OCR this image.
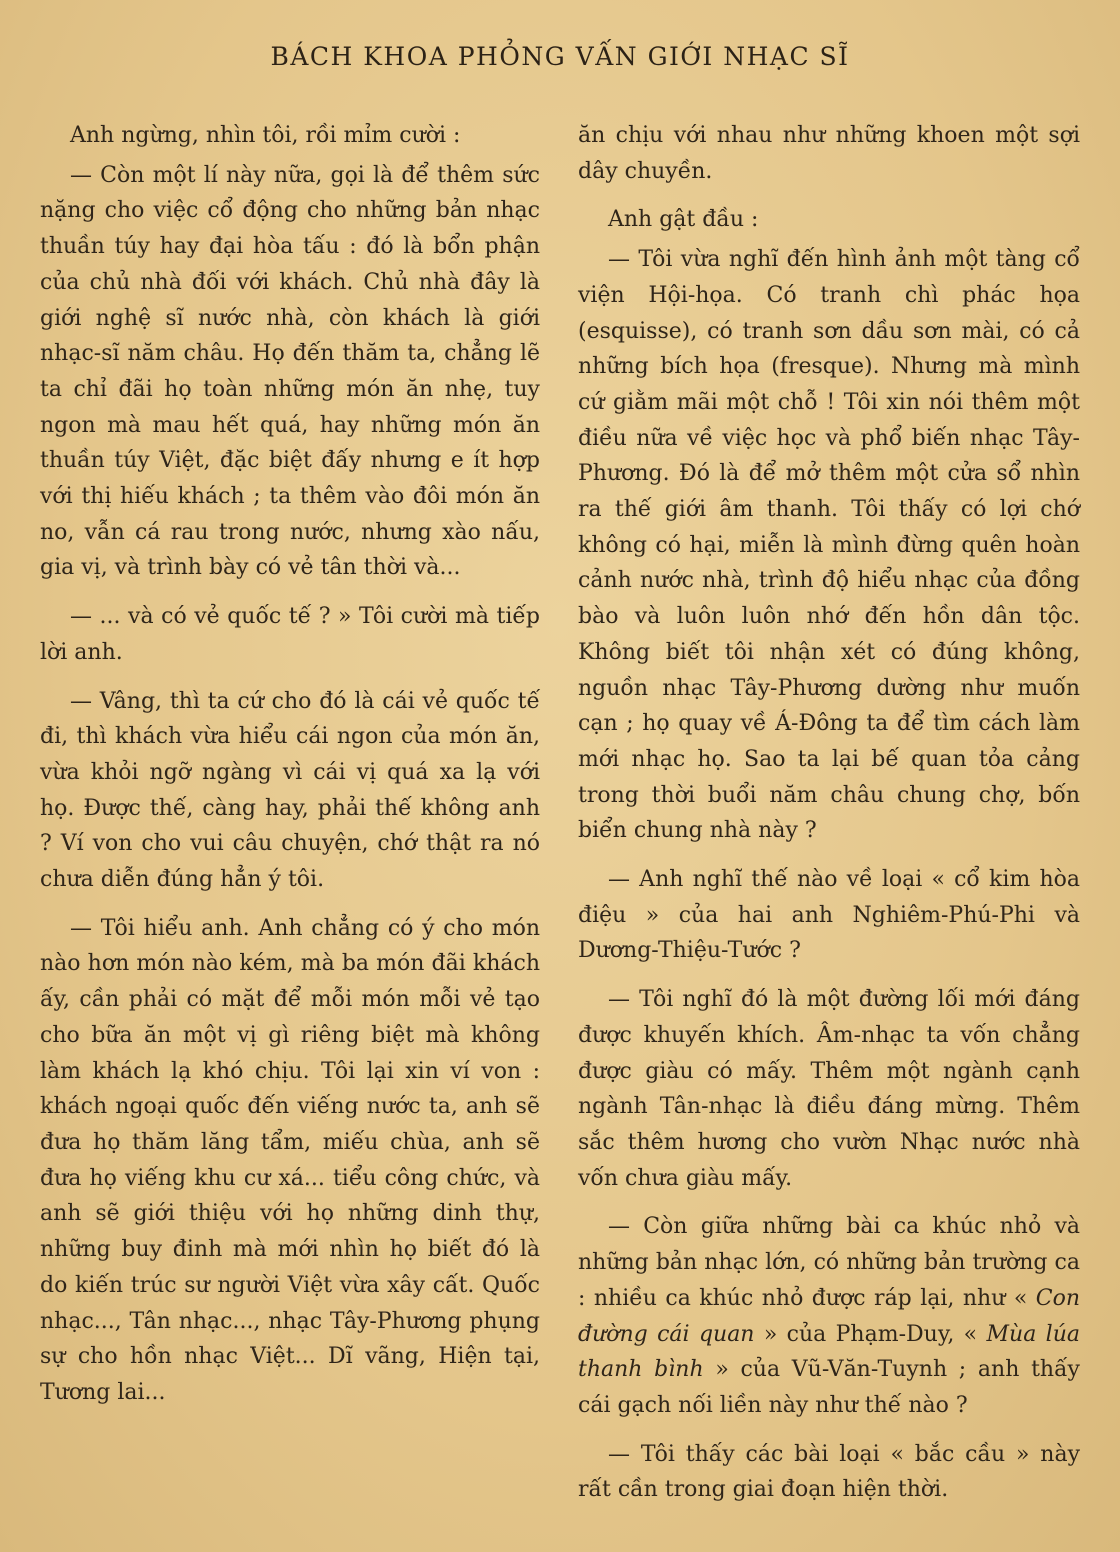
BÁCH KHOA PHỎNG VẤN GIỚI NHẠC SĨ

Anh ngừng, nhìn tôi, rồi mỉm cười :

— Còn một lí này nữa, gọi là để thêm sức nặng cho việc cổ động cho những bản nhạc thuần túy hay đại hòa tấu : đó là bổn phận của chủ nhà đối với khách. Chủ nhà đây là giới nghệ sĩ nước nhà, còn khách là giới nhạc-sĩ năm châu. Họ đến thăm ta, chẳng lẽ ta chỉ đãi họ toàn những món ăn nhẹ, tuy ngon mà mau hết quá, hay những món ăn thuần túy Việt, đặc biệt đấy nhưng e ít hợp với thị hiếu khách ; ta thêm vào đôi món ăn no, vẫn cá rau trong nước, nhưng xào nấu, gia vị, và trình bày có vẻ tân thời và...

— ... và có vẻ quốc tế ? » Tôi cười mà tiếp lời anh.

— Vâng, thì ta cứ cho đó là cái vẻ quốc tế đi, thì khách vừa hiểu cái ngon của món ăn, vừa khỏi ngỡ ngàng vì cái vị quá xa lạ với họ. Được thế, càng hay, phải thế không anh ? Ví von cho vui câu chuyện, chớ thật ra nó chưa diễn đúng hẳn ý tôi.

— Tôi hiểu anh. Anh chẳng có ý cho món nào hơn món nào kém, mà ba món đãi khách ấy, cần phải có mặt để mỗi món mỗi vẻ tạo cho bữa ăn một vị gì riêng biệt mà không làm khách lạ khó chịu. Tôi lại xin ví von : khách ngoại quốc đến viếng nước ta, anh sẽ đưa họ thăm lăng tẩm, miếu chùa, anh sẽ đưa họ viếng khu cư xá... tiểu công chức, và anh sẽ giới thiệu với họ những dinh thự, những buy đinh mà mới nhìn họ biết đó là do kiến trúc sư người Việt vừa xây cất. Quốc nhạc..., Tân nhạc..., nhạc Tây-Phương phụng sự cho hồn nhạc Việt... Dĩ vãng, Hiện tại, Tương lai...

ăn chịu với nhau như những khoen một sợi dây chuyền.

Anh gật đầu :

— Tôi vừa nghĩ đến hình ảnh một tàng cổ viện Hội-họa. Có tranh chì phác họa (esquisse), có tranh sơn dầu sơn mài, có cả những bích họa (fresque). Nhưng mà mình cứ giằm mãi một chỗ ! Tôi xin nói thêm một điều nữa về việc học và phổ biến nhạc Tây-Phương. Đó là để mở thêm một cửa sổ nhìn ra thế giới âm thanh. Tôi thấy có lợi chớ không có hại, miễn là mình đừng quên hoàn cảnh nước nhà, trình độ hiểu nhạc của đồng bào và luôn luôn nhớ đến hồn dân tộc. Không biết tôi nhận xét có đúng không, nguồn nhạc Tây-Phương dường như muốn cạn ; họ quay về Á-Đông ta để tìm cách làm mới nhạc họ. Sao ta lại bế quan tỏa cảng trong thời buổi năm châu chung chợ, bốn biển chung nhà này ?

— Anh nghĩ thế nào về loại « cổ kim hòa điệu » của hai anh Nghiêm-Phú-Phi và Dương-Thiệu-Tước ?

— Tôi nghĩ đó là một đường lối mới đáng được khuyến khích. Âm-nhạc ta vốn chẳng được giàu có mấy. Thêm một ngành cạnh ngành Tân-nhạc là điều đáng mừng. Thêm sắc thêm hương cho vườn Nhạc nước nhà vốn chưa giàu mấy.

— Còn giữa những bài ca khúc nhỏ và những bản nhạc lớn, có những bản trường ca : nhiều ca khúc nhỏ được ráp lại, như « Con đường cái quan » của Phạm-Duy, « Mùa lúa thanh bình » của Vũ-Văn-Tuynh ; anh thấy cái gạch nối liền này như thế nào ?

— Tôi thấy các bài loại « bắc cầu » này rất cần trong giai đoạn hiện thời.
